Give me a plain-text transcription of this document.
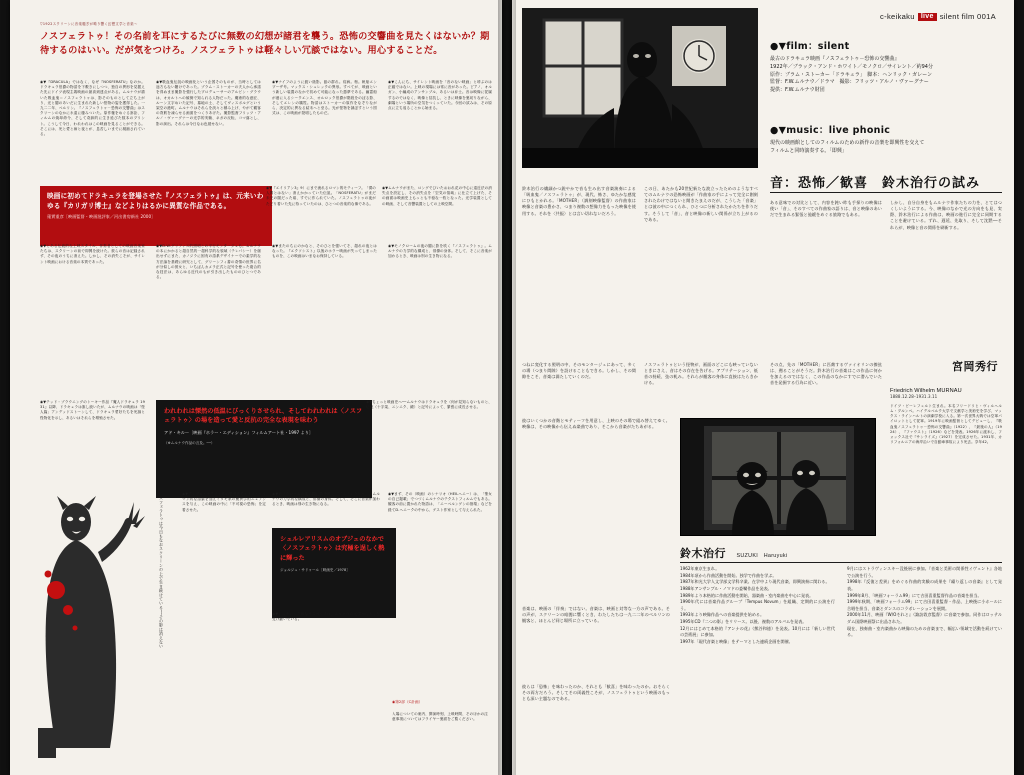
▽1922スクリーンに音楽騒ぎが鳴り響く幻想文学と音楽〜
ノスフェラトゥ！その名前を耳にするたびに無数の幻想が諸君を襲う。恐怖の交響曲を見たくはないか？期待するのはいい。だが気をつけろ。ノスフェラトゥは軽々しい冗談ではない。用心することだ。
◉▼『DRACULA』ではなく、なぜ『NOSFERATU』なのか。ドラキュラ伯爵の物語を下敷きにしつつ、独自の異形を見据えた先にドイツ表現主義映画の最高到達点がある。ムルナウが描いた吸血鬼＝ノスフェラトゥは、影そのものとして立ち上がり、光と闇のあいだに生まれた新しい怪物の姿を獲得した。一九二二年、ベルリン。『ノスフェラトゥ－恐怖の交響曲』はスクリーンのなかに永遠に棲みついた。原作権をめぐる訴訟、フィルムの焼却命令、そして奇跡的に生き延びた数本のプリント。こうして今日、われわれはこの映画を見ることができる。そこには、死と愛と病と夜とが、息苦しいまでに凝縮されている。
◉▼吸血鬼伝説の映画化という企図そのものが、当時としては途方もない賭けであった。ブラム・ストーカーの夫人から承諾を得ぬまま撮影を強行したプロデューサーのアルビン・グラウは、オカルトへの傾倒で知られる人物だった。魔術的な意匠、ルーン文字めいた記号、墓地の土、そしてヴィスボルグという架空の港町。ムルナウはそれらを淡々と積み上げ、やがて観客の背筋を凍らせる画面をつくりあげた。撮影監督フリッツ・アルノ・ヴァーグナーの光学的実験、ネガの反転、コマ落とし、影の演出。それらは今日なお色褪せない。
◉▼ナイフのように鋭い陰影。鼠の群れ。疫病。棺。帆船エンプーザ号。マックス・シュレックの異形。すべてが、映画という新しい装置のなかで初めて可能になった悪夢である。幽霊船が港に入るシークエンス、オルロック伯爵が階段をのぼる影、そしてエレンの犠牲。物語はストーカーの原作をなぞりながら、決定的に異なる結末へと至る。光が怪物を滅ぼすという図式は、この映画が発明したものだ。
◉▼こんにち、サイレント映画を「音のない映画」と呼ぶのは正確ではない。上映の現場には常に音があった。ピアノ、オルガン、小編成のアンサンブル、あるいは弁士。音は映像に従属するのではなく、映像と拮抗し、ときに映像を裏切りながら、劇場という場所の空気をつくっていた。今回の試みは、その原点に立ち返ることから始まる。
映画に初めてドラキュラを登場させた『ノスフェラトゥ』は、元来いわゆる『カリガリ博士』などよりはるかに異質な作品である。
蓮實重彦［映画監督・映画批評家／河出書房新社 2000］
◉▼『エイリアン3』9）にまで流れるロマン的モティーフ。「僕の人間とはない」消えかかっていた伝説。「NOSFERATU」がまだ未完の闇だった頃、すでに作られていた。ノスフェラトゥの夜がたどり着いた先に待っていたのは、ひとつの音楽的な像である。
◉▼ムルナウがまた、ロングでひいたおおれ花の中心に遠近法の消失点を設定し、その消失点を「空気の領域」に仕立て上げた、その画面は映画史上もっとも不穏な一枚となった。光学装置としての映画、そして音響装置としての上映空間。
◉▼とある伝統的な上映スタイル、伴奏者としての映画音楽家たちは、スクリーンの前で即興を続けた。彼らの音は記録されず、その夜のうちに消えた。しかし、その消失こそが、サイレント映画における音楽の本質であった。
◉▼D.W.グリフィス的照明との平行モンタージュも。ムルナウの本にかかると超自然的一超科学的な領域（テレパシー）を創出せずにまた、カノジラに固有の語系デザイナーでの素学的な方法論を基礎に研究として、グリーンフィ書の奇情の世界に名が分似しの彼女と、いちばんカメラ正式と記号を使った複合的な技法は、あらゆる近代のもが引き出したもののひとつである。
◉▼またのちにのかなと、そのひとを強いてそ、超れの夜とはなった。『エクソシスト』以後のホラー映画が失ってしまったものを、この映画はいまなお保持している。
◉▼モノクロームの夜の闇に影を吹く『ノスフェラトゥ』。ムルナウの力学的な構成と、俳優の身体。そして、そこに音楽が加わるとき、映画は別の生き物になる。
われわれは慄然の低温にびっくりさせられ、そしてわれわれは〈ノスフェラトゥ〉の場を造って愛と反抗の完全な表現を味わう
アド・キルー［映画『ホラー・エディション』フィルムアート社・1997 より］
（※ムルナウ作品の言及。──）
◉▼テッド・ブラウニングのトーキー作品『魔人ドラキュラ 1931』以降、ドラキュラは誰し続いたが、ムルナウの映画は「怪人篇」アンデッドストーンして、ドラキュラ愛好たちを死滅と怪物化を示し、あるいはそれらを増殖させた。
◉▼ちょっと映画史へ──ムルナウはドラキュラを（何が見知らないものと、伝統（十字架、ニンニク、鏡）と記号によって、緊張に成長させる。
ノスフェラトゥは今日もなおスクリーンの上で生き続けている──その影は消えない	◉▼アングロ・サクソン系の思考法でドイツ・ゲルマン的な語彙を加えミダモ系の驚異学的ニュアンスを与え、この映画の中に「不可視の恐怖」を定着させた。
シュルレアリスムのオブジェのなかで〈ノスフェラトゥ〉は究極を逞しく熱に輝った
ジョルジュ・サドゥール［映画史／1978］
◉▼ヒッチコック的なサスペンスは、ムルナウの光学から多くを受け継いでいる。
◉▼まず、その（映画）のシナリオ（HEILヘニー）は、「聖女の自己掲載」でつづくムルナウのテクストフィルムでもある。観客の前に置かれた物語は、「ニーベルンゲンの指環」などを経てD.ヘニークの中から、ゲスト作家として与えられた。
◉▼モノクロームの夜の闇に影を吹く『ノスフェラトゥ』。ムルナウの力学的な構成と、俳優の身体。そして、そこに音楽が加わるとき、映画は別の生き物になる。
c-keikaku live silent film 001A
●▼film：silent
最古のドラキュラ映画『ノスフェラトゥ－恐怖の交響曲』
1922年／ブラック・アンド・ホワイト／モノクロ／サイレント／約94分
原作：ブラム・ストーカー「ドラキュラ」　脚本：ヘンリック・ガレーン
監督：F.W.ムルナウ／ドラマ　撮影：フリッツ・アルノ・ヴァーグナー
提供：F.W.ムルナウ財団
●▼music：live phonic
現代の映画館としてのフィルムのための新作の音楽を即興性を交えて
フィルムと同時演奏する。「即興」
音：恐怖／歓喜　鈴木治行の試み
鈴木治行の繊細かつ鋭やかで音も生み出す音楽演奏による「吸血鬼／ノスフェラトゥ」が、現代、怖さ、ゆたかな感覚にひもとかれる。「MOTHER」（調刻映像監督）の作曲家は映像と音楽の豊かさ、つまり複数の想像力をもった映像を使用する。それを〈共振〉とは言い切れないだろう。
この日、あたかも20世紀新たな波立ったためのようなすべてのムルナウの恐怖映画が「作曲家の手によって完全に創刻されたわけではないと聞きたまえのだが、こうした「音楽」とは彼の中につくられ、ひとつに分析されたかたちを作りだす。そうして「音」、音と映像の新しい関係が立ち上がるのである。
ある意味での対比として、内容を鈍い昨も手探りの映像は使い「音」、そのすべての作曲家の語りは、音と映像のあいだで生まれる緊張と弛緩をめぐる旅路でもある。
しかし、自分自身をもムルナウ作家たちの力を、とてはつくしいようにする。今、映像のなかで光の方向をも見、実際、鈴木治行による作曲は、映画の進行に完全に同期することを避けている。ずれ、遅延、先取り、そして沈黙──それらが、映像と音の関係を刷新する。
つねに変化する照明の中、そのモンタージュにあって、多くの場（つまり間隙）を設けることもできる。しかし、その間隙をこそ、音楽は満たしていくのだ。
ノスフェラトゥという怪物が、画面のどこにも映っていないときにさえ、音はその存在を告げる。アプリテーション、低音の持続、弦の軋み。それらが観客の身体に直接はたらきかける。
その点、先の「MOTHER」に匹敵するヴァイオリンの擦弦は、遡ることがそうだ。鈴木治行の音楽はこの作品に何かを加えるのではなく、この作品のなかにすでに潜んでいた音を発掘する行為に近い。
宮岡秀行
Friedrich Wilhelm MURNAU
1888.12.28–1931.3.11
ドイツ・ビーレフェルト生まれ。本名フリードリヒ・ヴィルヘルム・プルンペ。ハイデルベルク大学で文献学と美術史を学び、マックス・ラインハルトの演劇学校に入る。第一次世界大戦では空軍パイロットとして従軍。1919年に映画監督としてデビューし、『吸血鬼ノスフェラトゥ－恐怖の交響曲』（1922）、『最後の人』（1924）、『ファウスト』（1926）などを発表。1926年に渡米し、フォックス社で『サンライズ』（1927）を完成させた。1931年、カリフォルニアの海岸沿いで自動車事故により死去。享年42。
鈴木治行 SUZUKI　Haruyuki
1962年東京生まれ。
1984年頃から作曲活動を開始。独学で作曲を学ぶ。
1987年和光大学人文学部文学科卒業。在学中より現代音楽、即興演奏に関わる。
1988年アンサンブル・ノマドの委嘱作品を発表。
1989年より本格的に作曲活動を開始、器楽曲・室内楽曲を中心に発表。
1990年代には音楽作品グループ「Tempus Novum」を組織、定期的に公演を行う。
1993年より映像作品への音楽提供を始める。
1995年CD『二つの影』をリリース。以後、複数のアルバムを発表。
12月にはじめて本格的『アンナの花』（熊谷和徳）を発表。10月には「新しい世代の芸術展」に参加。
1997年「現代音楽と映像」をテーマとした連続企画を開催。
9月にはストラヴィンスキー没後展に参加。『音楽と美術の関係性イヴェント』各地で公演を行う。
1998年『反復と差異』をめぐる作曲的実験の成果を『繰り返しの音楽』として発表。
1999年8月、「映画フォーラム99」にて吉田喜重監督作品の音楽を担当。
1999年秋期、「映画フォーラム99」にて吉田喜重監督・作品、上映後に小ホールに合唱を担当、音楽とダンスのコラボレーションを展開。
2000年11月、映画『W/Oそれと』（諏訪敦彦監督）に音楽で参加。同作はロッテルダム国際映画祭に出品された。
現在、独奏曲・室内楽曲から映像のための音楽まで、幅広い領域で活動を続けている。
彼はいくつかの音階とモティーフを用意し、上映のその場で組み替えてゆく。映像は、その映像から伝えぬ楽曲であり、そこから音楽がたちあがる。
音楽は、映画の「伴奏」ではない。音楽は、映画と対等な一方の声である。その声が、スクリーンの暗闇に響くとき、わたしたちは一九二二年のベルリンの観客と、ほとんど同じ場所に立っている。
彼らは「恐怖」を味わったのか、それとも「歓喜」を味わったのか。おそらくその両方だろう。そしてその両義性こそが、ノスフェラトゥという映画のもっとも深い主題なのである。
入場についての案内、開演時刻、上映時間、そのほかの注意事項についてはフライヤー裏面をご覧ください。
◉第2部（C計画）
